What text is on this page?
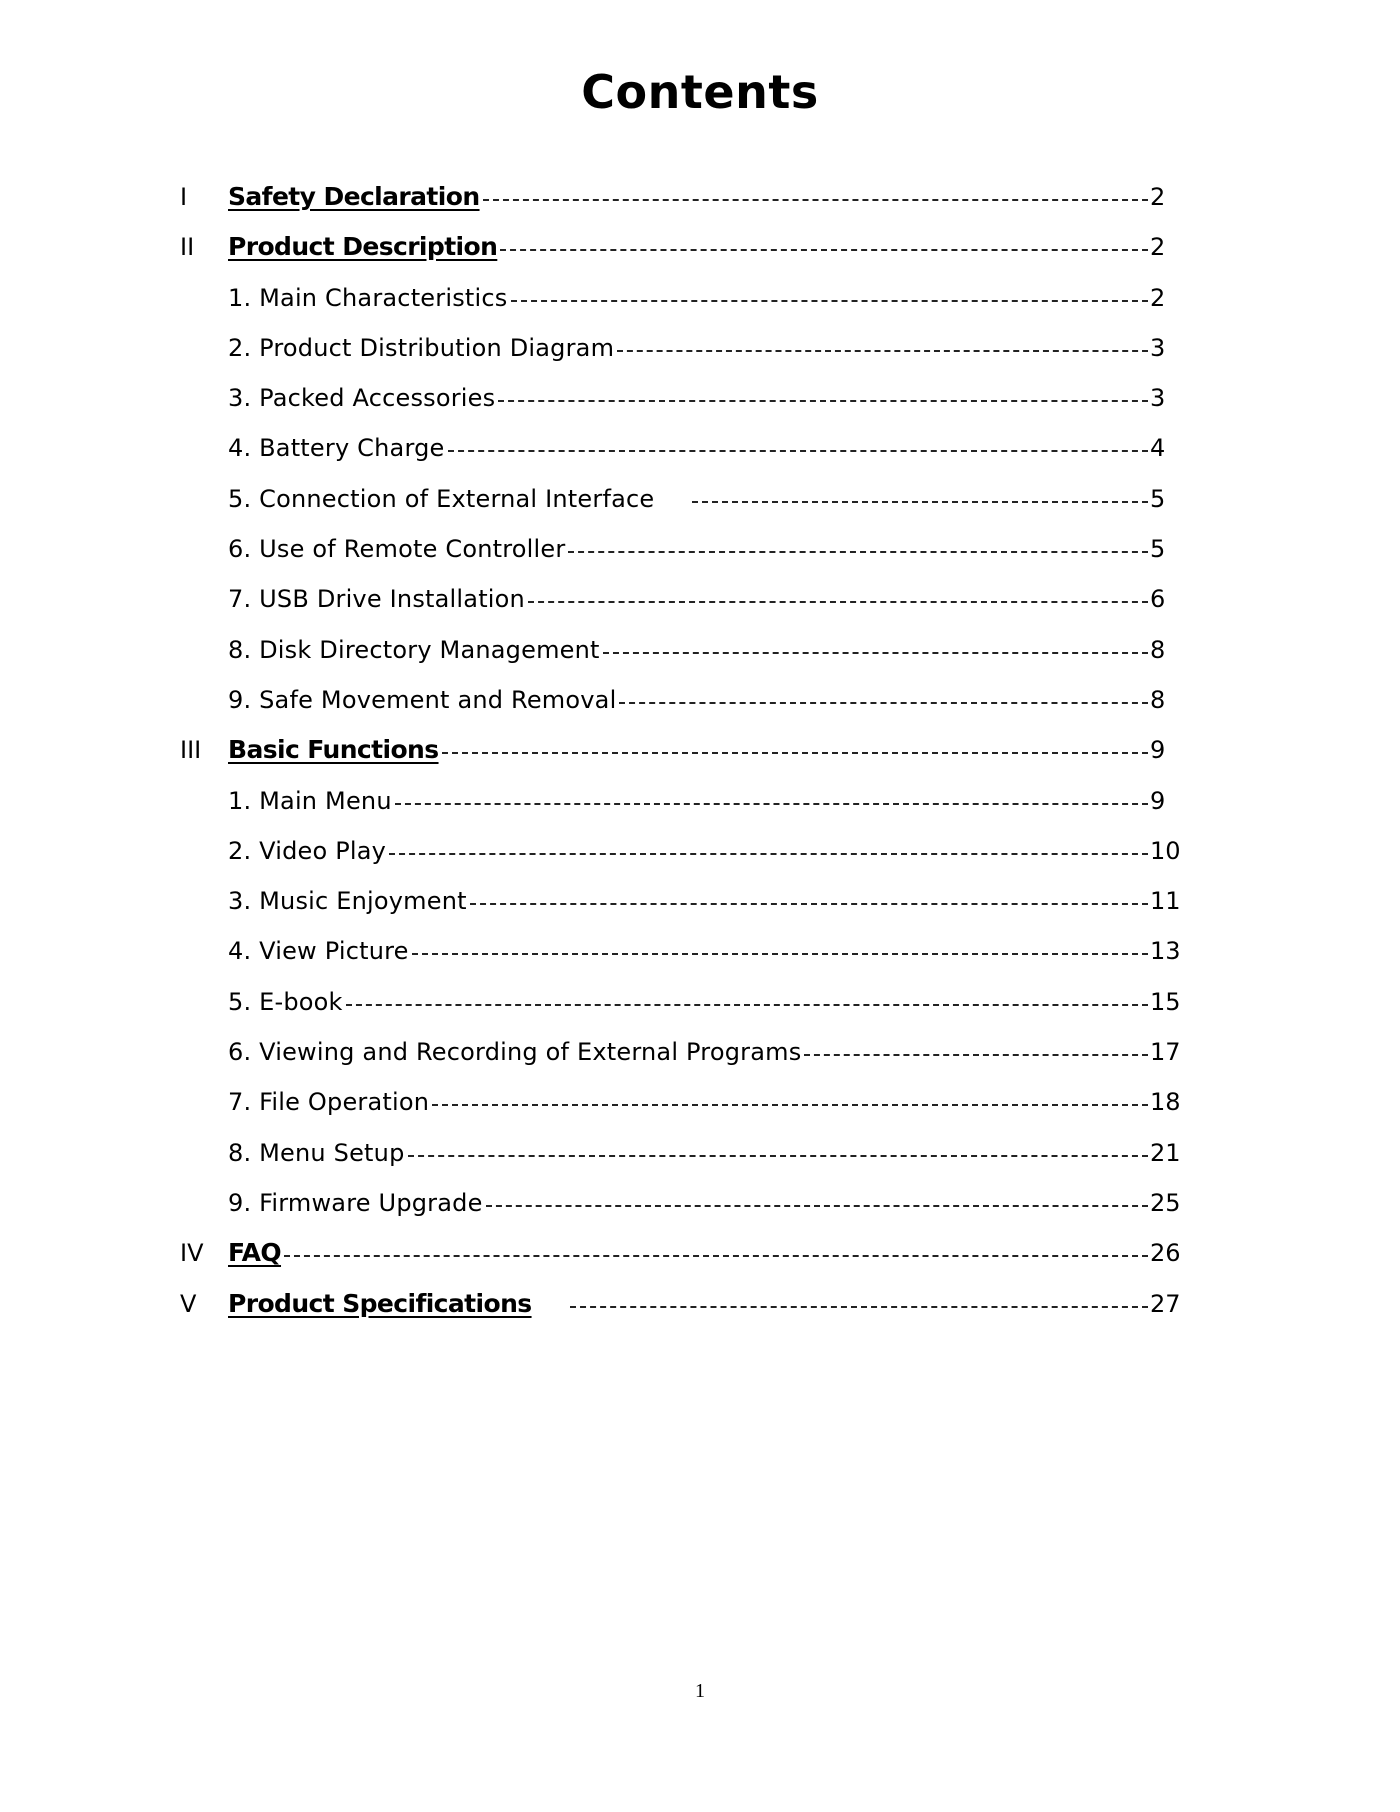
Contents
I	Safety Declaration	2
II	Product Description	2
1. Main Characteristics	2
2. Product Distribution Diagram	3
3. Packed Accessories	3
4. Battery Charge	4
5. Connection of External Interface	5
6. Use of Remote Controller	5
7. USB Drive Installation	6
8. Disk Directory Management	8
9. Safe Movement and Removal	8
III	Basic Functions	9
1. Main Menu	9
2. Video Play	10
3. Music Enjoyment	11
4. View Picture	13
5. E-book	15
6. Viewing and Recording of External Programs	17
7. File Operation	18
8. Menu Setup	21
9. Firmware Upgrade	25
IV FAQ	26
V	Product Specifications	27
1
